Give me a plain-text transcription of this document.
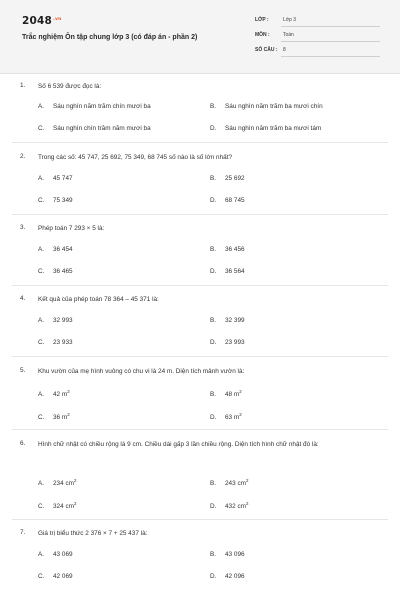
$2048^{.vn}$
Trắc nghiệm Ôn tập chung lớp 3 (có đáp án - phần 2)
LỚP :	Lớp 3
MÔN :	Toán
SỐ CÂU : 8
1. Số 6 539 được đọc là:
A. Sáu nghìn năm trăm chín mươi ba	B. Sáu nghìn năm trăm ba mươi chín
C. Sáu nghìn chín trăm năm mươi ba	D. Sáu nghìn năm trăm ba mươi tám
2. Trong các số: 45 747, 25 692, 75 349, 68 745 số nào là số lớn nhất?
A. 45 747	B. 25 692
C. 75 349	D. 68 745
3. Phép toán 7 293 × 5 là:
A. 36 454	B. 36 456
C. 36 465	D. 36 564
4. Kết quả của phép toán 78 364 – 45 371 là:
A. 32 993	B. 32 399
C. 23 933	D. 23 993
5. Khu vườn của mẹ hình vuông có chu vi là 24 m. Diện tích mảnh vườn là:
A. 42 $m^2$	B. 48 $m^2$
C. 36 $m^2$	D. 63 $m^2$
6. Hình chữ nhật có chiều rộng là 9 cm. Chiều dài gấp 3 lần chiều rộng. Diện tích hình chữ nhật đó là:
A. 234 $cm^2$	B. 243 $cm^2$
C. 324 $cm^2$	D. 432 $cm^2$
7. Giá trị biểu thức 2 376 × 7 + 25 437 là:
A. 43 069	B. 43 096
C. 42 069	D. 42 096
